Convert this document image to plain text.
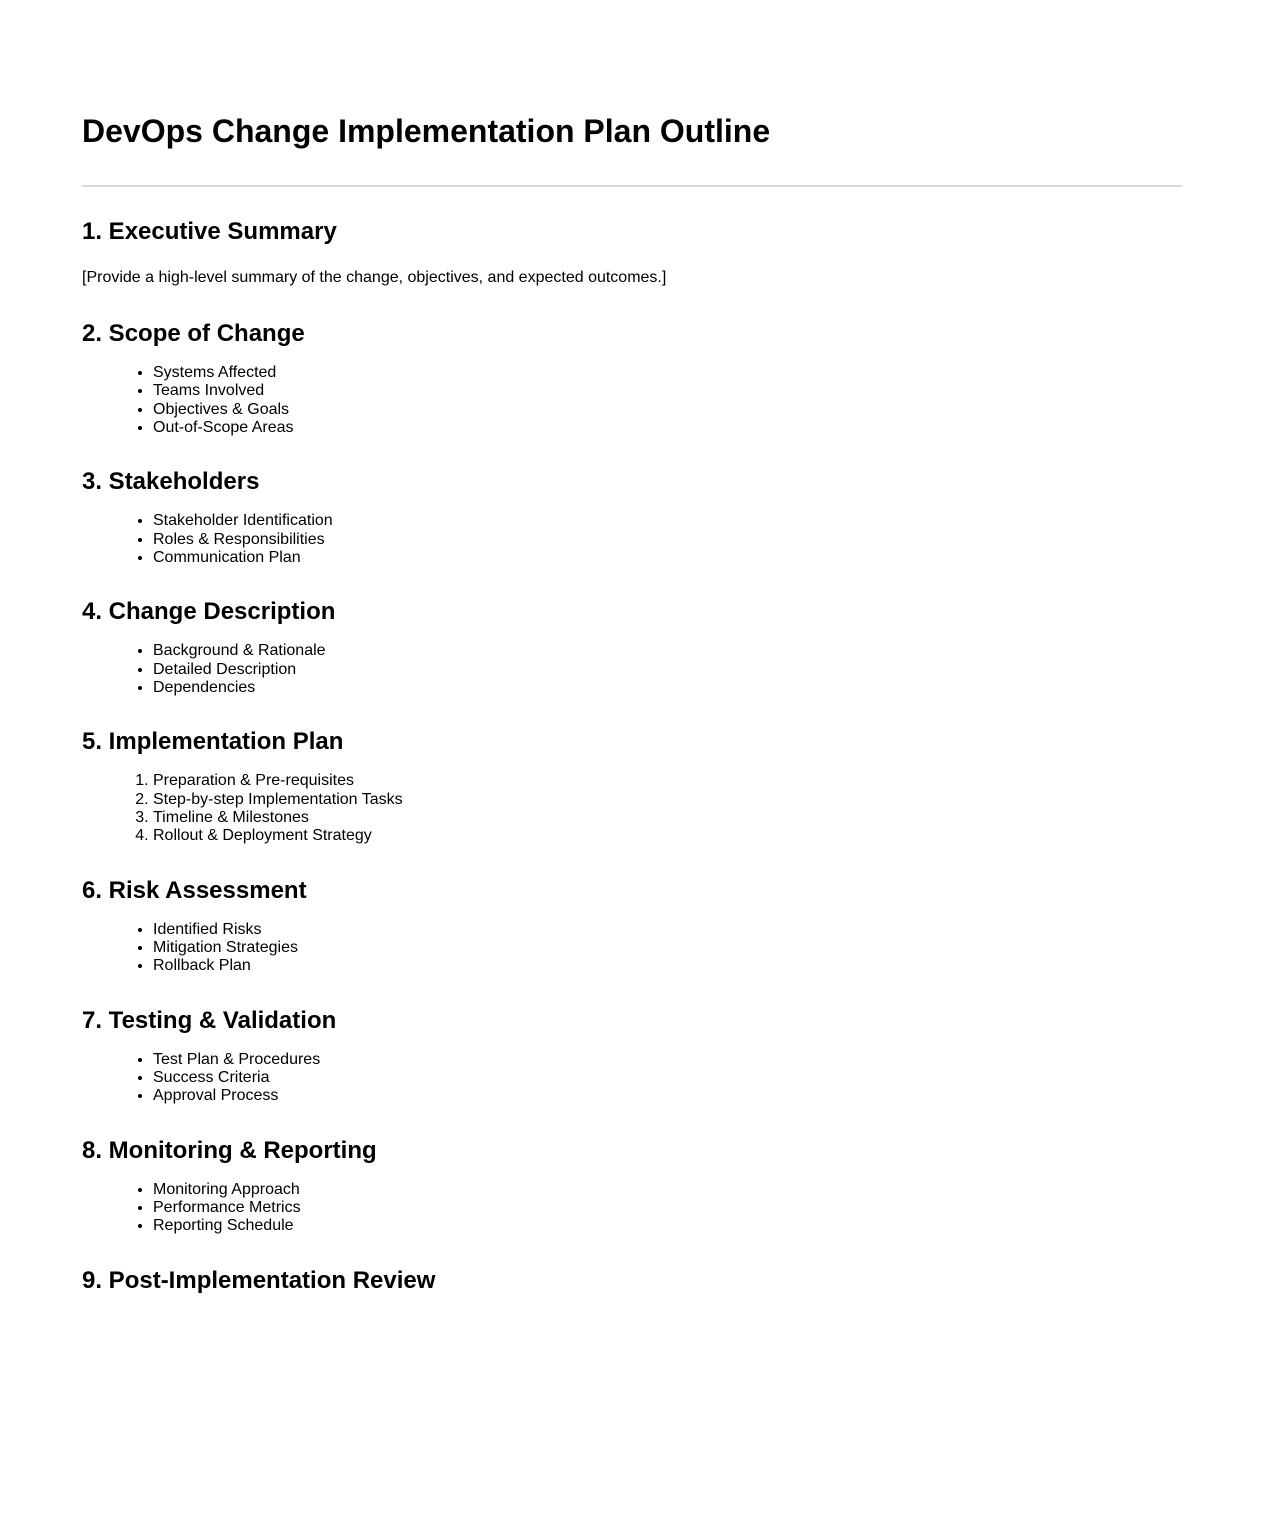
DevOps Change Implementation Plan Outline
1. Executive Summary

[Provide a high-level summary of the change, objectives, and expected outcomes.]

2. Scope of Change
• Systems Affected
• Teams Involved
• Objectives & Goals
• Out-of-Scope Areas
3. Stakeholders
• Stakeholder Identification
• Roles & Responsibilities
• Communication Plan
4. Change Description
• Background & Rationale
• Detailed Description
• Dependencies
5. Implementation Plan
1. Preparation & Pre-requisites
2. Step-by-step Implementation Tasks
3. Timeline & Milestones
4. Rollout & Deployment Strategy
6. Risk Assessment
• Identified Risks
• Mitigation Strategies
• Rollback Plan
7. Testing & Validation
• Test Plan & Procedures
• Success Criteria
• Approval Process
8. Monitoring & Reporting
• Monitoring Approach
• Performance Metrics
• Reporting Schedule
9. Post-Implementation Review
